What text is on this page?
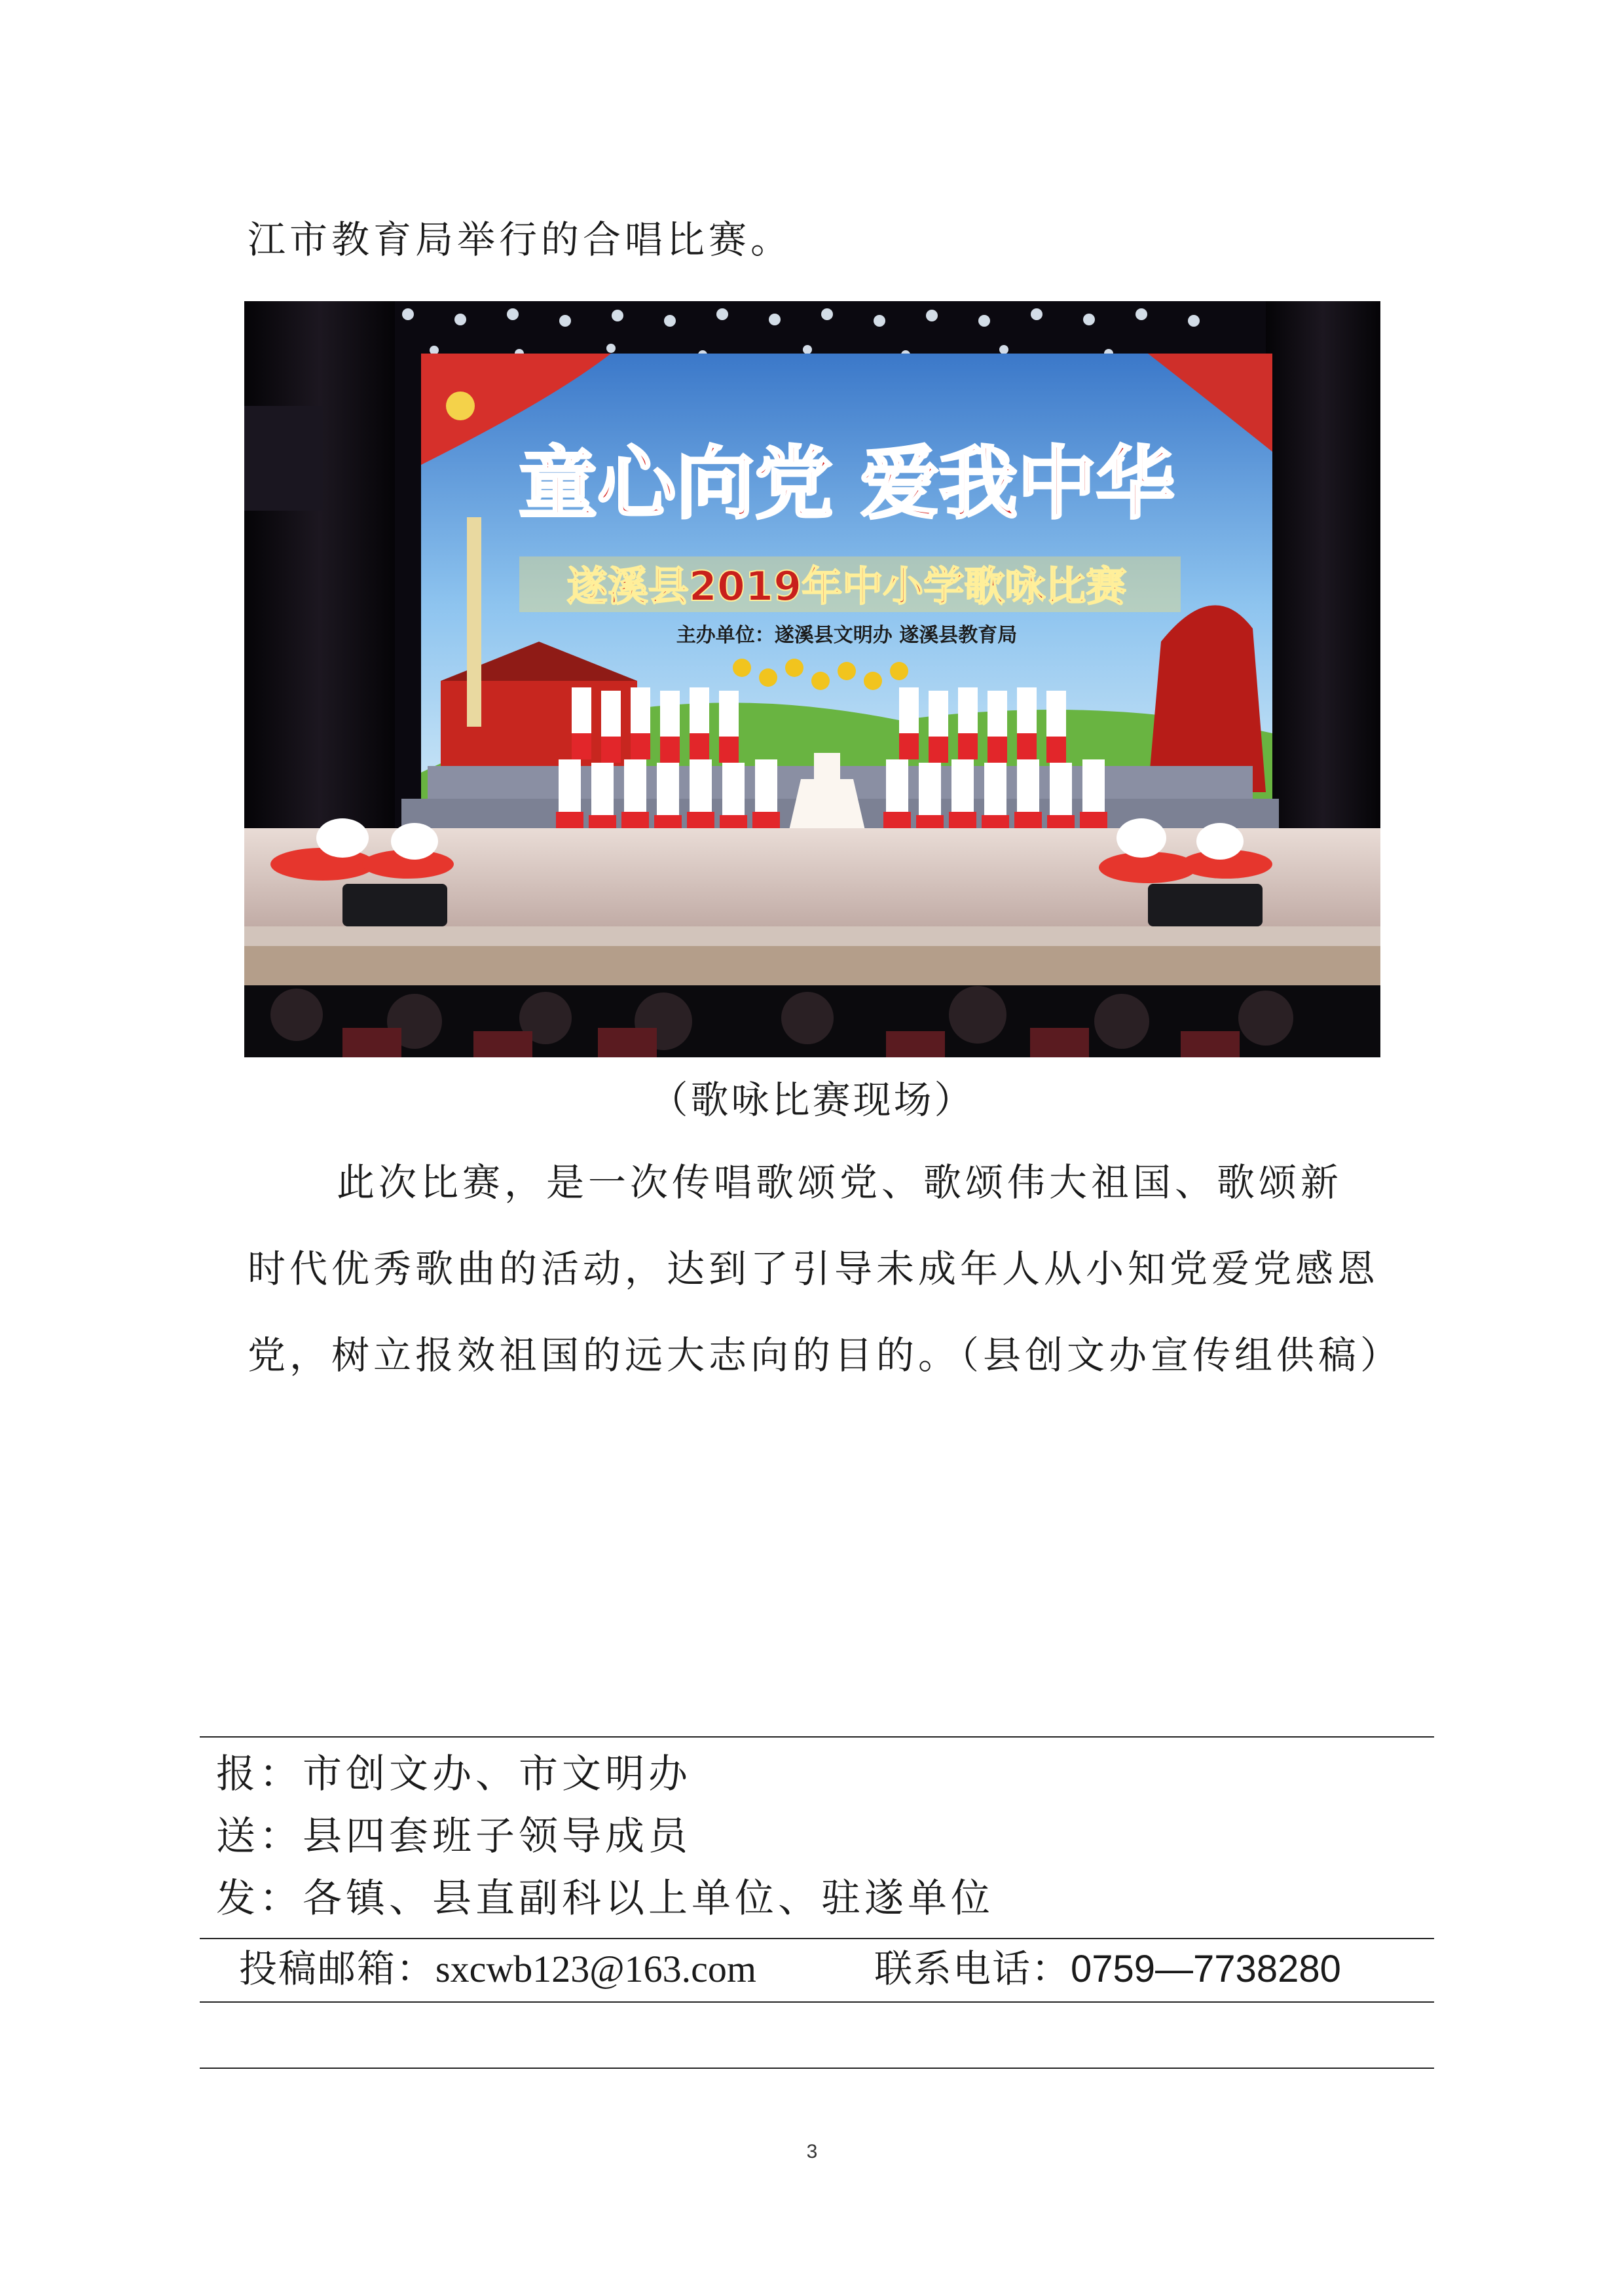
江市教育局举行的合唱比赛。

童心向党 爱我中华
遂溪县2019年中小学歌咏比赛
主办单位：遂溪县文明办 遂溪县教育局
（歌咏比赛现场）

此次比赛，是一次传唱歌颂党、歌颂伟大祖国、歌颂新时代优秀歌曲的活动，达到了引导未成年人从小知党爱党感恩党，树立报效祖国的远大志向的目的。（县创文办宣传组供稿）

报：市创文办、市文明办
送：县四套班子领导成员
发：各镇、县直副科以上单位、驻遂单位
投稿邮箱：sxcwb123@163.com	联系电话：0759—7738280
3
